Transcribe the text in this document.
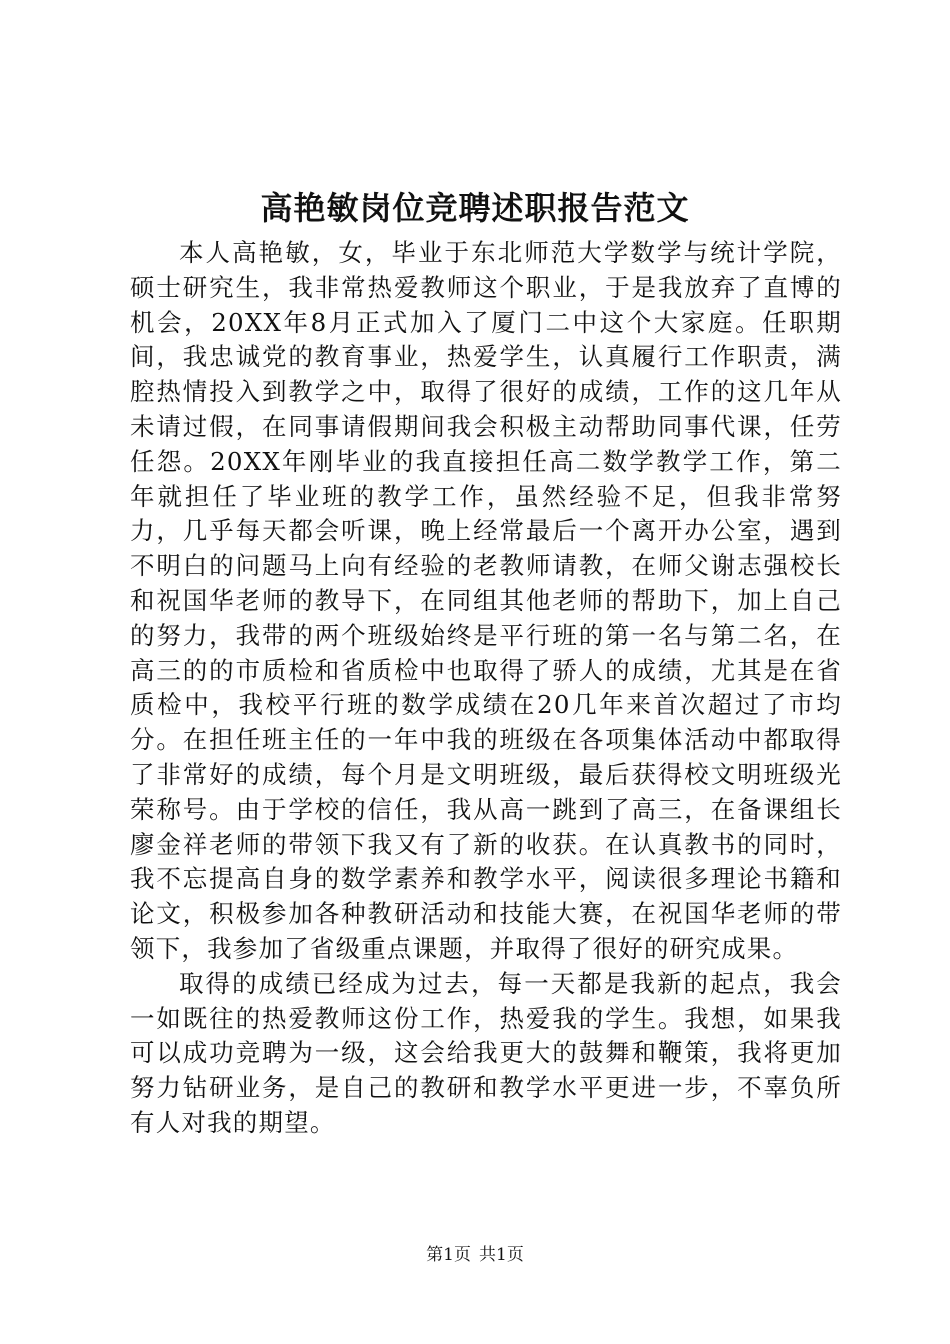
高艳敏岗位竞聘述职报告范文

本人高艳敏，女，毕业于东北师范大学数学与统计学院，硕士研究生，我非常热爱教师这个职业，于是我放弃了直博的机会，20XX年8月正式加入了厦门二中这个大家庭。任职期间，我忠诚党的教育事业，热爱学生，认真履行工作职责，满腔热情投入到教学之中，取得了很好的成绩，工作的这几年从未请过假，在同事请假期间我会积极主动帮助同事代课，任劳任怨。20XX年刚毕业的我直接担任高二数学教学工作，第二年就担任了毕业班的教学工作，虽然经验不足，但我非常努力，几乎每天都会听课，晚上经常最后一个离开办公室，遇到不明白的问题马上向有经验的老教师请教，在师父谢志强校长和祝国华老师的教导下，在同组其他老师的帮助下，加上自己的努力，我带的两个班级始终是平行班的第一名与第二名，在高三的的市质检和省质检中也取得了骄人的成绩，尤其是在省质检中，我校平行班的数学成绩在20几年来首次超过了市均分。在担任班主任的一年中我的班级在各项集体活动中都取得了非常好的成绩，每个月是文明班级，最后获得校文明班级光荣称号。由于学校的信任，我从高一跳到了高三，在备课组长廖金祥老师的带领下我又有了新的收获。在认真教书的同时，我不忘提高自身的数学素养和教学水平，阅读很多理论书籍和论文，积极参加各种教研活动和技能大赛，在祝国华老师的带领下，我参加了省级重点课题，并取得了很好的研究成果。

取得的成绩已经成为过去，每一天都是我新的起点，我会一如既往的热爱教师这份工作，热爱我的学生。我想，如果我可以成功竞聘为一级，这会给我更大的鼓舞和鞭策，我将更加努力钻研业务，是自己的教研和教学水平更进一步，不辜负所有人对我的期望。

第1页 共1页
